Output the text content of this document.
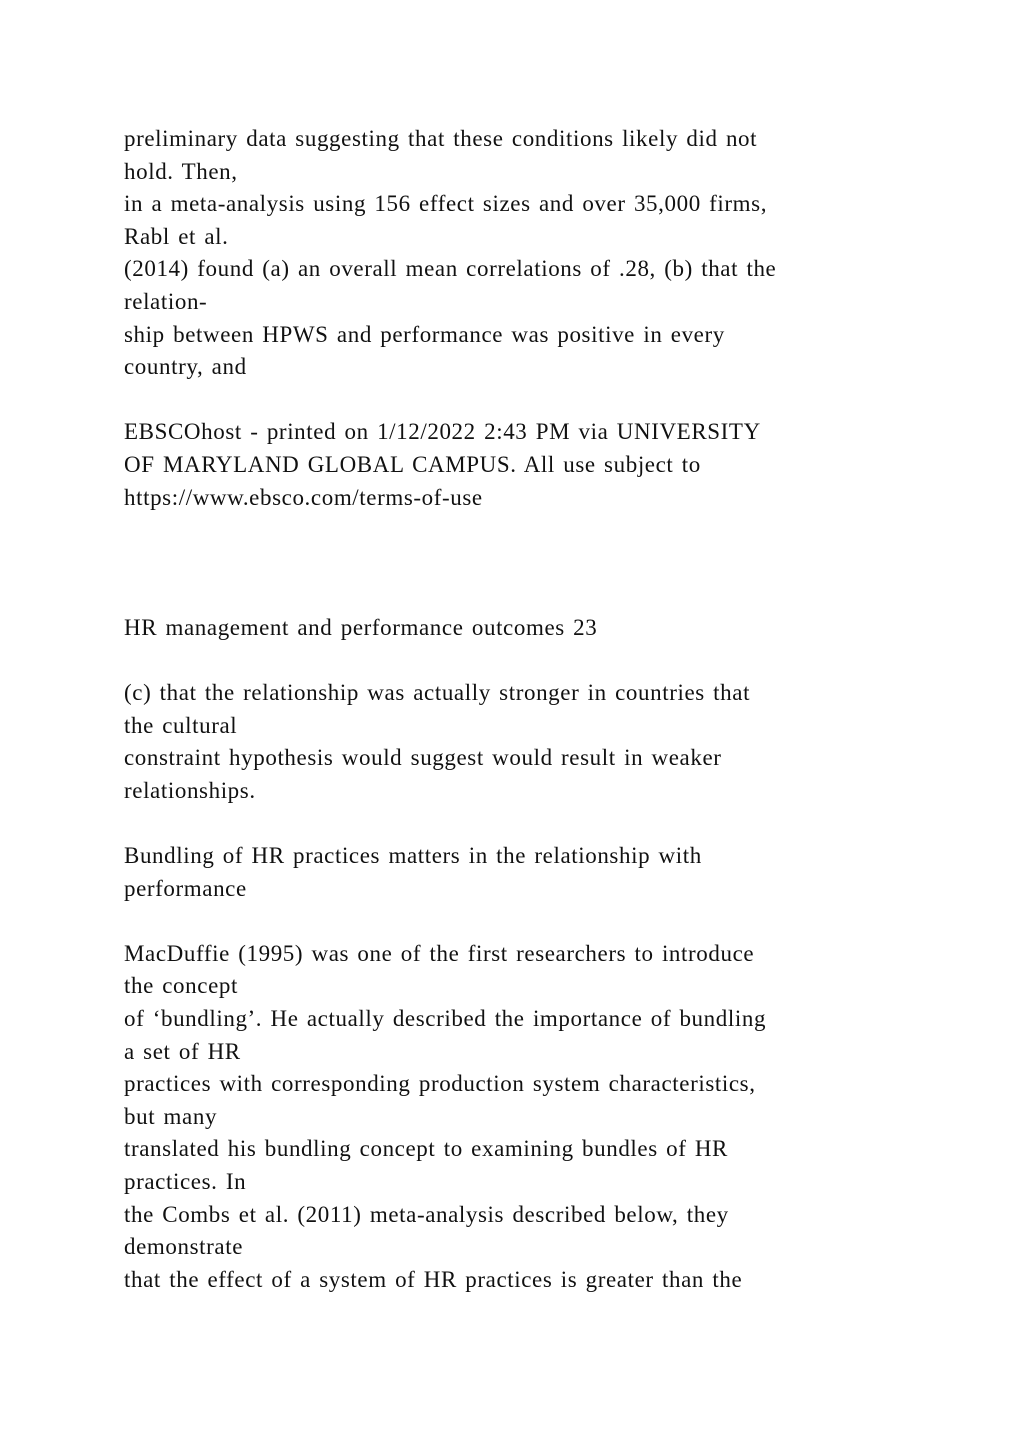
preliminary data suggesting that these conditions likely did not
hold. Then,
in a meta-analysis using 156 effect sizes and over 35,000 firms,
Rabl et al.
(2014) found (a) an overall mean correlations of .28, (b) that the
relation-
ship between HPWS and performance was positive in every
country, and
EBSCOhost - printed on 1/12/2022 2:43 PM via UNIVERSITY
OF MARYLAND GLOBAL CAMPUS. All use subject to
https://www.ebsco.com/terms-of-use
HR management and performance outcomes 23
(c) that the relationship was actually stronger in countries that
the cultural
constraint hypothesis would suggest would result in weaker
relationships.
Bundling of HR practices matters in the relationship with
performance
MacDuffie (1995) was one of the first researchers to introduce
the concept
of ‘bundling’. He actually described the importance of bundling
a set of HR
practices with corresponding production system characteristics,
but many
translated his bundling concept to examining bundles of HR
practices. In
the Combs et al. (2011) meta-analysis described below, they
demonstrate
that the effect of a system of HR practices is greater than the
